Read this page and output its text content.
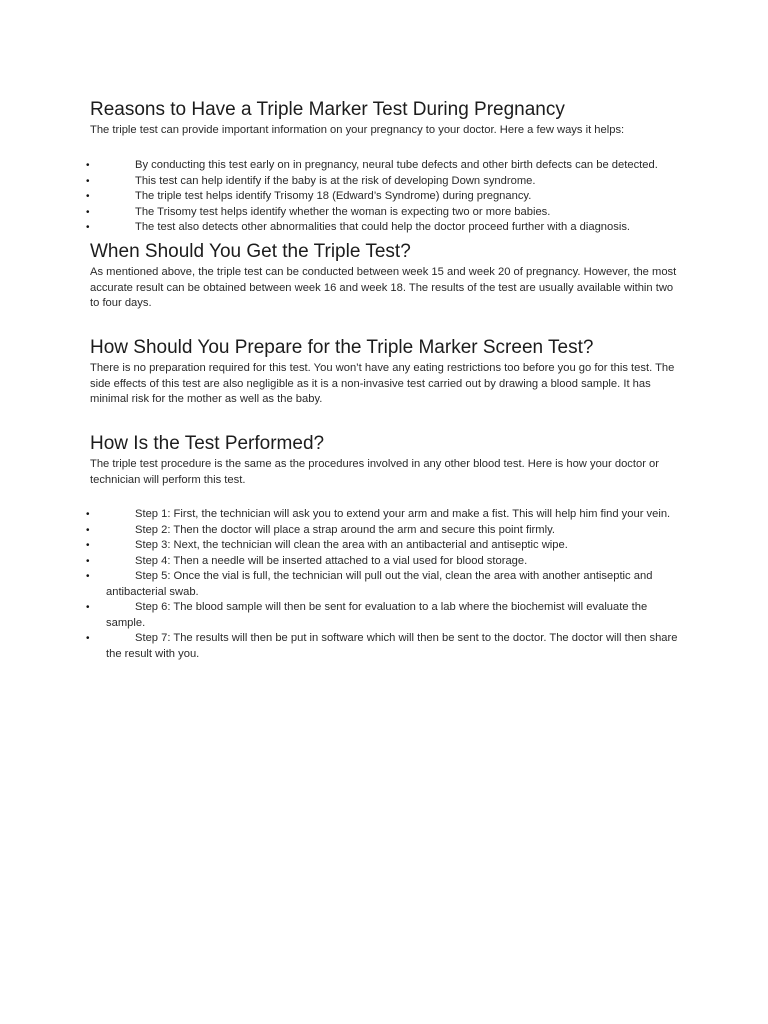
Reasons to Have a Triple Marker Test During Pregnancy

The triple test can provide important information on your pregnancy to your doctor. Here a few ways it helps:

•	By conducting this test early on in pregnancy, neural tube defects and other birth defects can be detected.
•	This test can help identify if the baby is at the risk of developing Down syndrome.
•	The triple test helps identify Trisomy 18 (Edward’s Syndrome) during pregnancy.
•	The Trisomy test helps identify whether the woman is expecting two or more babies.
•	The test also detects other abnormalities that could help the doctor proceed further with a diagnosis.
When Should You Get the Triple Test?

As mentioned above, the triple test can be conducted between week 15 and week 20 of pregnancy. However, the most accurate result can be obtained between week 16 and week 18. The results of the test are usually available within two to four days.

How Should You Prepare for the Triple Marker Screen Test?

There is no preparation required for this test. You won’t have any eating restrictions too before you go for this test. The side effects of this test are also negligible as it is a non-invasive test carried out by drawing a blood sample. It has minimal risk for the mother as well as the baby.

How Is the Test Performed?

The triple test procedure is the same as the procedures involved in any other blood test. Here is how your doctor or technician will perform this test.

•	Step 1: First, the technician will ask you to extend your arm and make a fist. This will help him find your vein.
•	Step 2: Then the doctor will place a strap around the arm and secure this point firmly.
•	Step 3: Next, the technician will clean the area with an antibacterial and antiseptic wipe.
•	Step 4: Then a needle will be inserted attached to a vial used for blood storage.
•	Step 5: Once the vial is full, the technician will pull out the vial, clean the area with another antiseptic and antibacterial swab.
•	Step 6: The blood sample will then be sent for evaluation to a lab where the biochemist will evaluate the sample.
•	Step 7: The results will then be put in software which will then be sent to the doctor. The doctor will then share the result with you.
